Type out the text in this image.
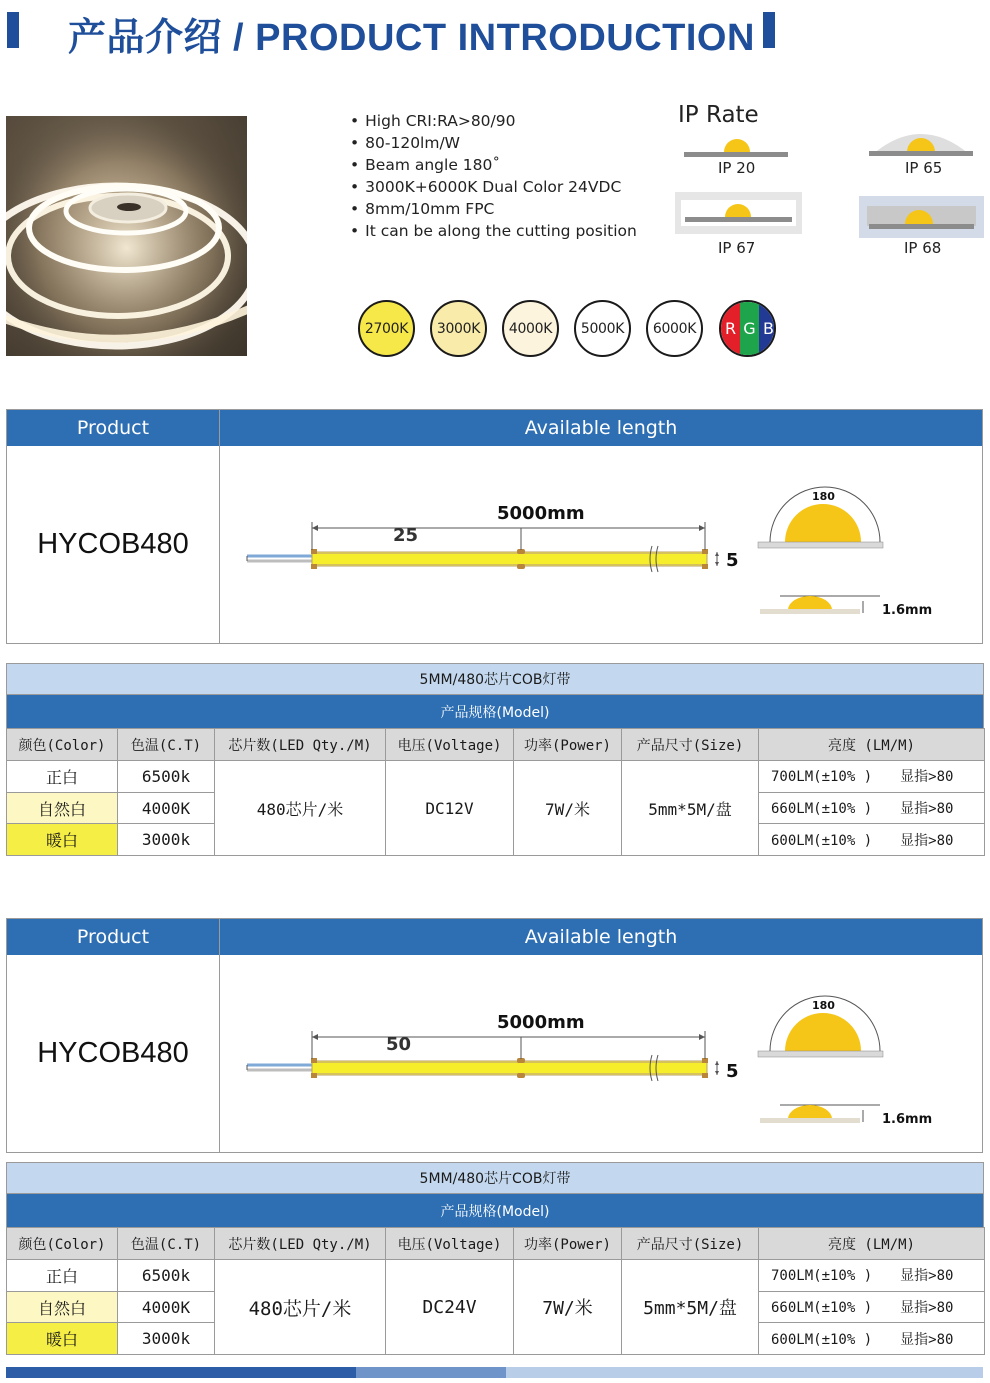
产品介绍 / PRODUCT INTRODUCTION
• High CRI:RA>80/90
• 80-120lm/W
• Beam angle 180˚
• 3000K+6000K Dual Color 24VDC
• 8mm/10mm FPC
• It can be along the cutting position
IP Rate
IP 20	IP 65
IP 67	IP 68
2700K 3000K 4000K 5000K 6000K R G B
Product	Available length
HYCOB480
5000mm
25
5
180
1.6mm
5MM/480芯片COB灯带
产品规格(Model)
颜色(Color)	色温(C.T)	芯片数(LED Qty./M)	电压(Voltage)	功率(Power)	产品尺寸(Size)	亮度 (LM/M)
正白	6500k	480芯片/米	DC12V	7W/米	5mm*5M/盘	700LM(±10% ) 显指>80
自然白	4000K					660LM(±10% ) 显指>80
暖白	3000k					600LM(±10% ) 显指>80
Product	Available length
HYCOB480
5000mm
50
5
180
1.6mm
5MM/480芯片COB灯带
产品规格(Model)
颜色(Color)	色温(C.T)	芯片数(LED Qty./M)	电压(Voltage)	功率(Power)	产品尺寸(Size)	亮度 (LM/M)
正白	6500k	480芯片/米	DC24V	7W/米	5mm*5M/盘	700LM(±10% ) 显指>80
自然白	4000K					660LM(±10% ) 显指>80
暖白	3000k					600LM(±10% ) 显指>80
